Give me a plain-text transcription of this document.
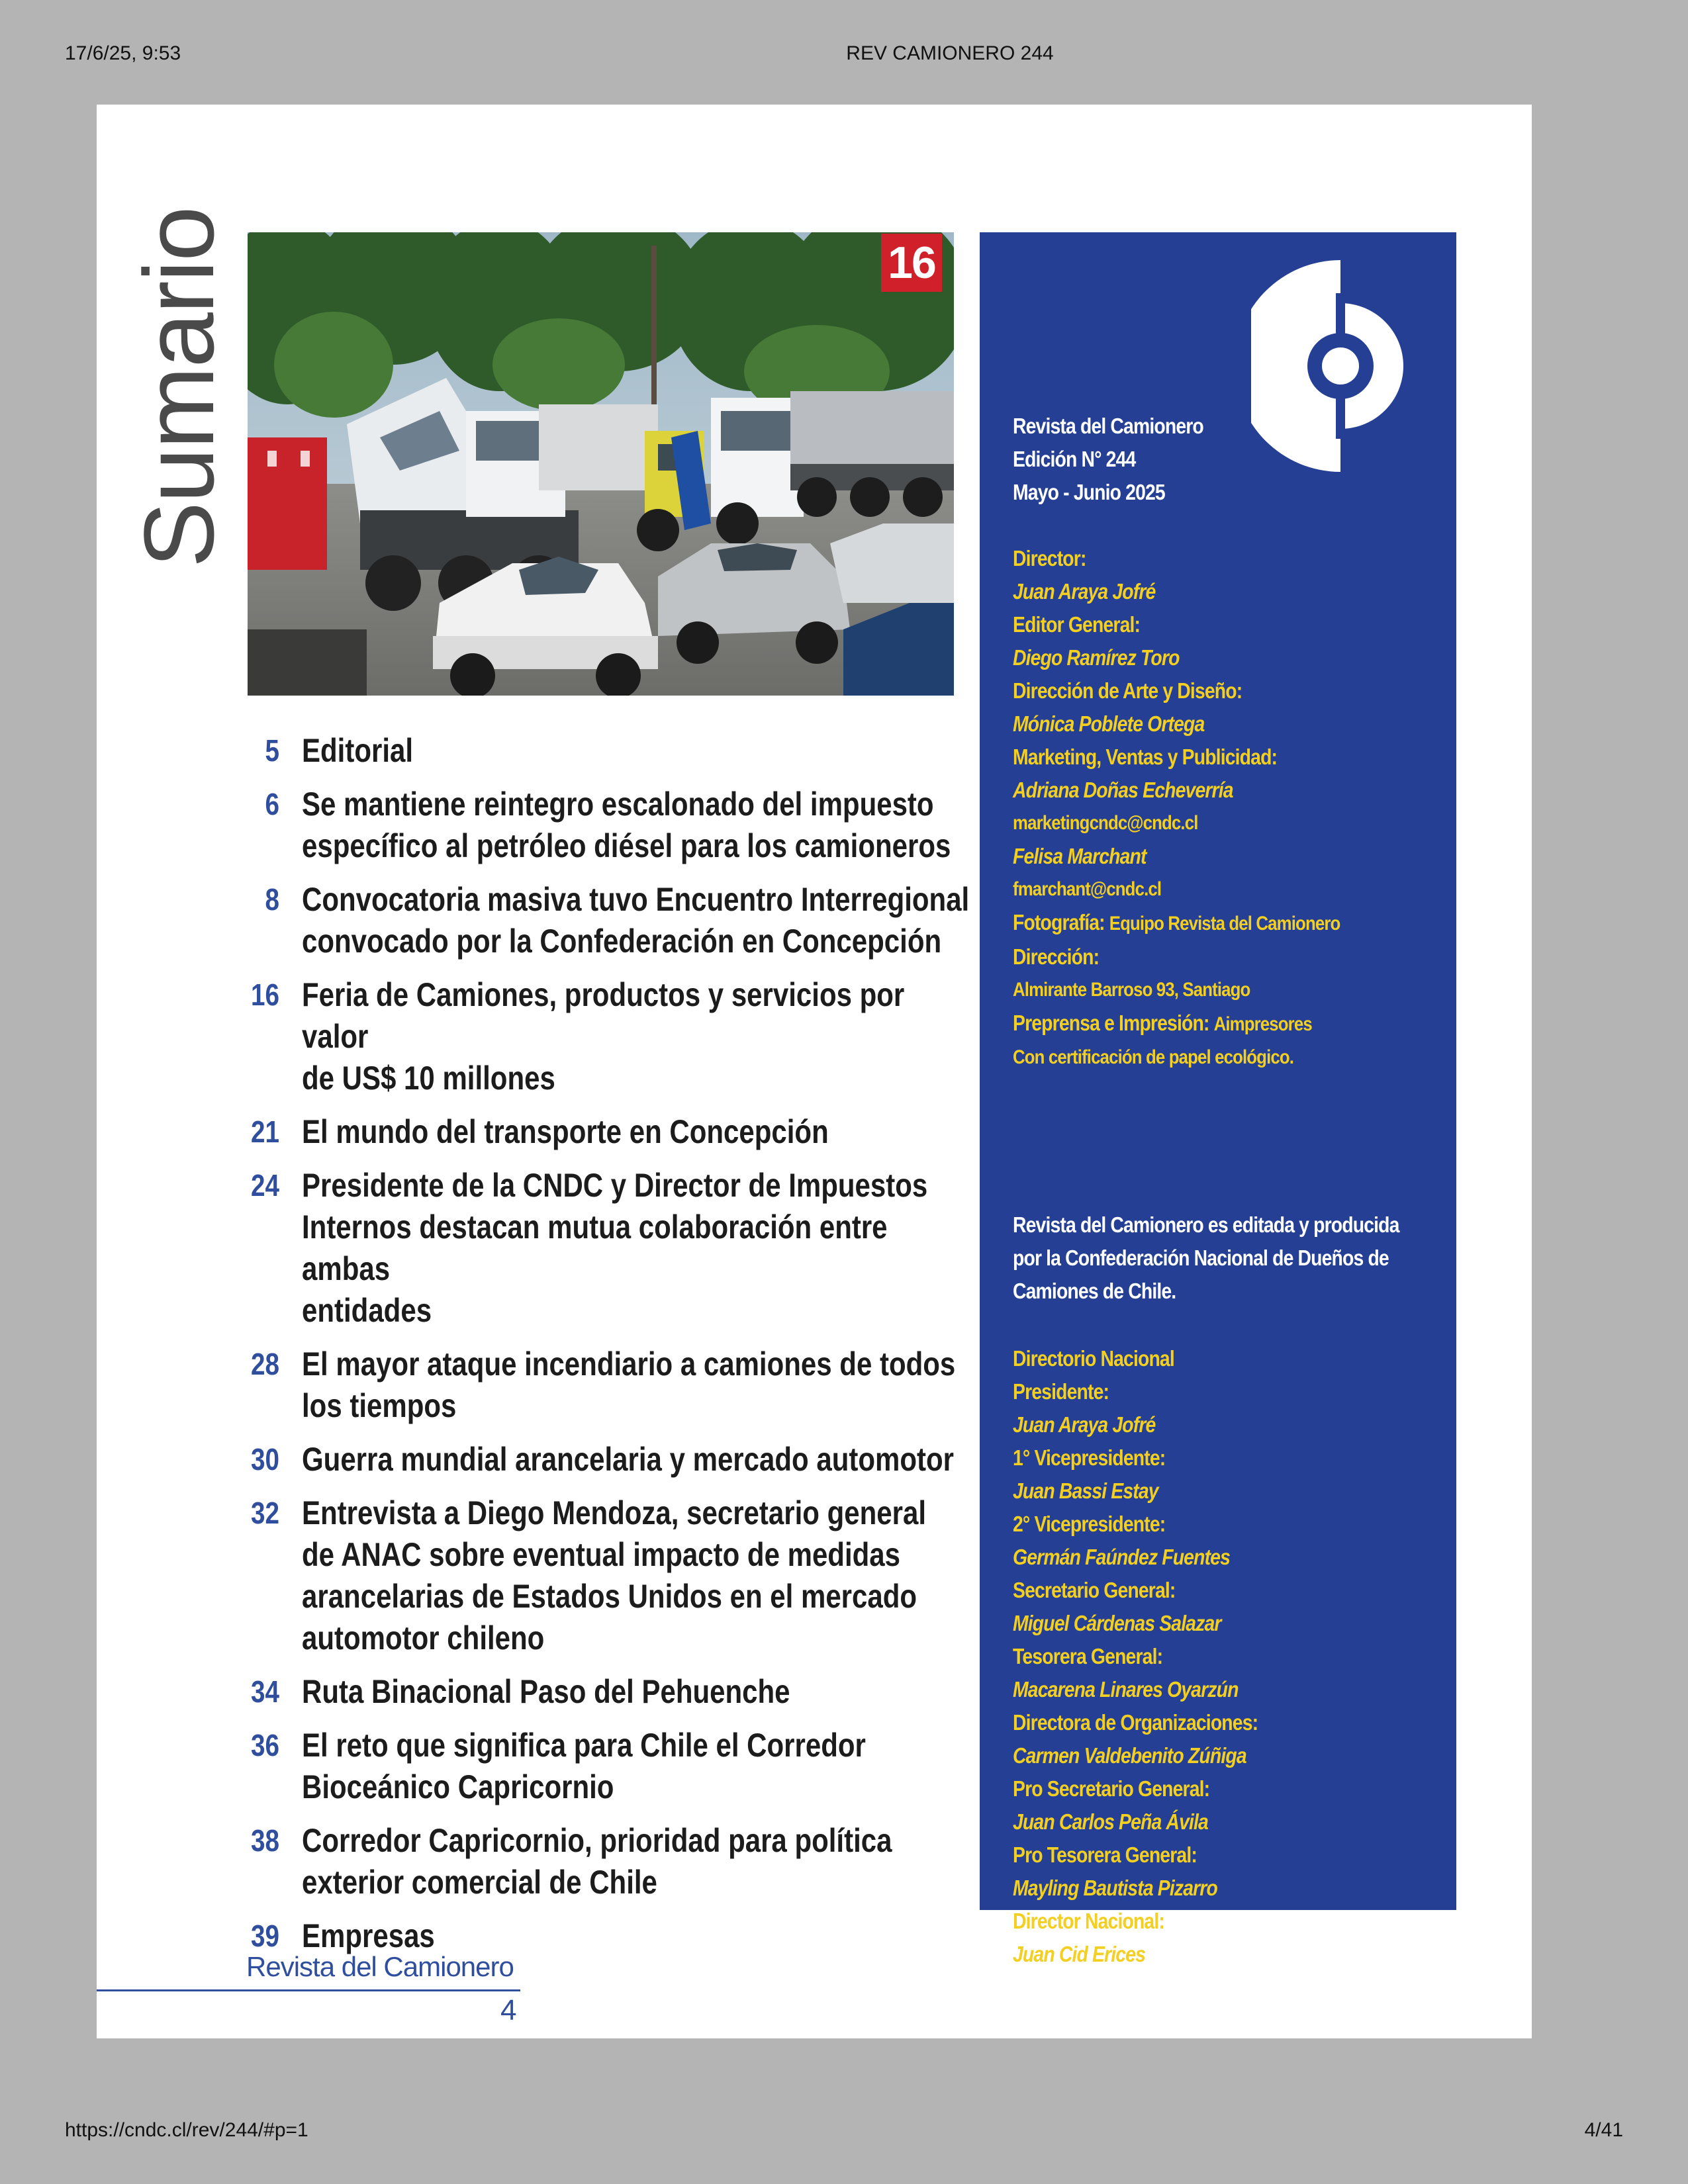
17/6/25, 9:53	REV CAMIONERO 244
https://cndc.cl/rev/244/#p=1	4/41
Sumario	16
5 Editorial
6 Se mantiene reintegro escalonado del impuesto
específico al petróleo diésel para los camioneros
8 Convocatoria masiva tuvo Encuentro Interregional
convocado por la Confederación en Concepción
16 Feria de Camiones, productos y servicios por valor
de US$ 10 millones
21 El mundo del transporte en Concepción
24 Presidente de la CNDC y Director de Impuestos
Internos destacan mutua colaboración entre ambas
entidades
28 El mayor ataque incendiario a camiones de todos
los tiempos
30 Guerra mundial arancelaria y mercado automotor
32 Entrevista a Diego Mendoza, secretario general
de ANAC sobre eventual impacto de medidas
arancelarias de Estados Unidos en el mercado
automotor chileno
34 Ruta Binacional Paso del Pehuenche
36 El reto que significa para Chile el Corredor
Bioceánico Capricornio
38 Corredor Capricornio, prioridad para política
exterior comercial de Chile
39 Empresas
Revista del Camionero
4
Revista del Camionero
Edición N° 244
Mayo - Junio 2025
Director:
Juan Araya Jofré
Editor General:
Diego Ramírez Toro
Dirección de Arte y Diseño:
Mónica Poblete Ortega
Marketing, Ventas y Publicidad:
Adriana Doñas Echeverría
marketingcndc@cndc.cl
Felisa Marchant
fmarchant@cndc.cl
Fotografía: Equipo Revista del Camionero
Dirección:
Almirante Barroso 93, Santiago
Preprensa e Impresión: Aimpresores
Con certificación de papel ecológico.
Revista del Camionero es editada y producida
por la Confederación Nacional de Dueños de
Camiones de Chile.
Directorio Nacional
Presidente:
Juan Araya Jofré
1° Vicepresidente:
Juan Bassi Estay
2° Vicepresidente:
Germán Faúndez Fuentes
Secretario General:
Miguel Cárdenas Salazar
Tesorera General:
Macarena Linares Oyarzún
Directora de Organizaciones:
Carmen Valdebenito Zúñiga
Pro Secretario General:
Juan Carlos Peña Ávila
Pro Tesorera General:
Mayling Bautista Pizarro
Director Nacional:
Juan Cid Erices
